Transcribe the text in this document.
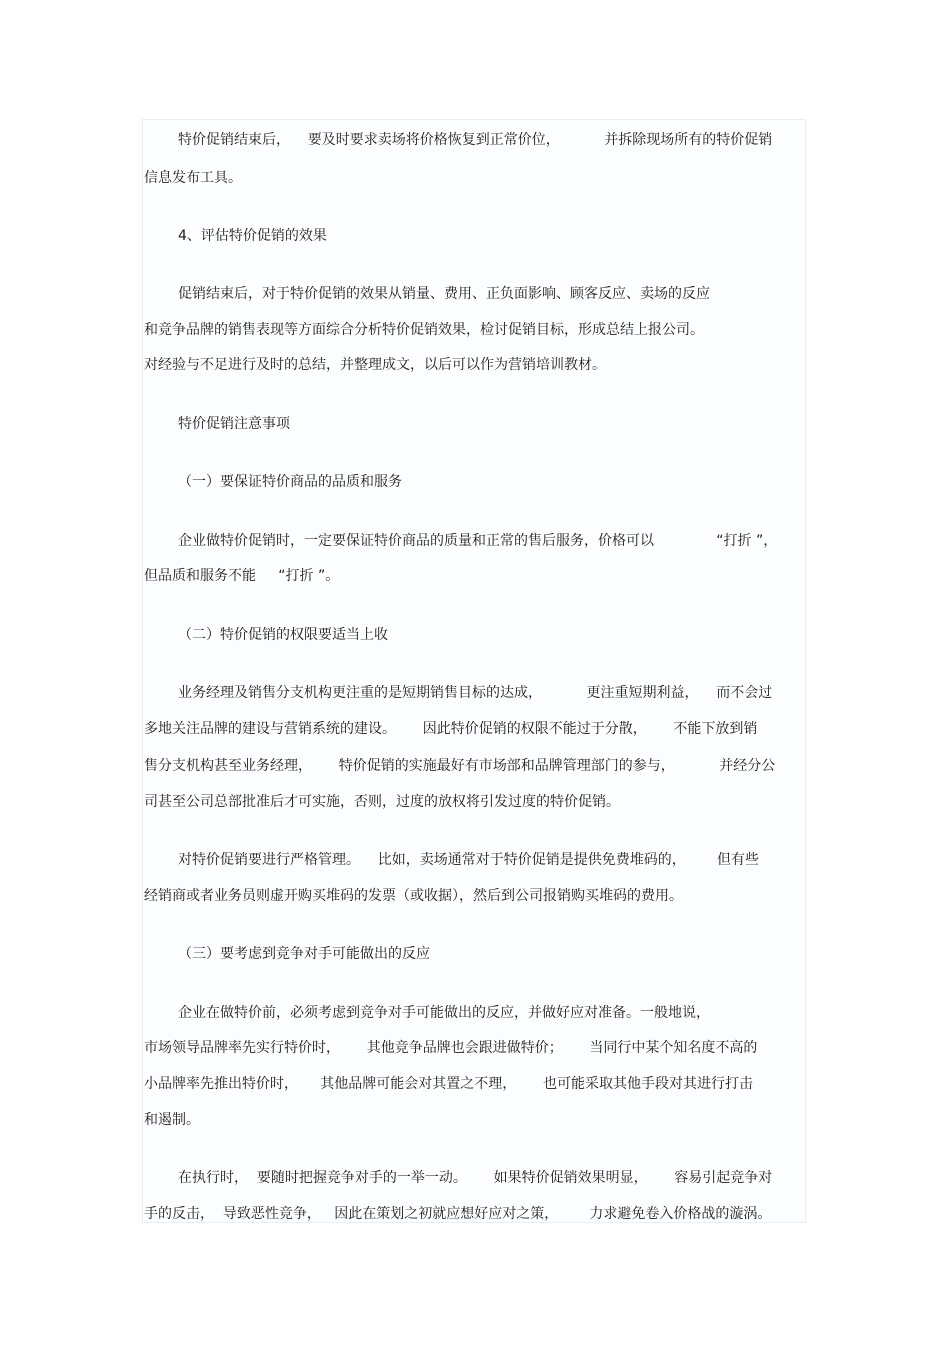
特价促销结束后，    要及时要求卖场将价格恢复到正常价位，          并拆除现场所有的特价促销
信息发布工具。
4、评估特价促销的效果
促销结束后，对于特价促销的效果从销量、费用、正负面影响、顾客反应、卖场的反应
和竞争品牌的销售表现等方面综合分析特价促销效果，检讨促销目标，形成总结上报公司。
对经验与不足进行及时的总结，并整理成文，以后可以作为营销培训教材。
特价促销注意事项
（一）要保证特价商品的品质和服务
企业做特价促销时，一定要保证特价商品的质量和正常的售后服务，价格可以              “打折 ”，
但品质和服务不能     “打折 ”。
（二）特价促销的权限要适当上收
业务经理及销售分支机构更注重的是短期销售目标的达成，          更注重短期利益，    而不会过
多地关注品牌的建设与营销系统的建设。      因此特价促销的权限不能过于分散，      不能下放到销
售分支机构甚至业务经理，      特价促销的实施最好有市场部和品牌管理部门的参与，          并经分公
司甚至公司总部批准后才可实施，否则，过度的放权将引发过度的特价促销。
对特价促销要进行严格管理。    比如，卖场通常对于特价促销是提供免费堆码的，       但有些
经销商或者业务员则虚开购买堆码的发票（或收据），然后到公司报销购买堆码的费用。
（三）要考虑到竞争对手可能做出的反应
企业在做特价前，必须考虑到竞争对手可能做出的反应，并做好应对准备。一般地说，
市场领导品牌率先实行特价时，      其他竞争品牌也会跟进做特价；      当同行中某个知名度不高的
小品牌率先推出特价时，     其他品牌可能会对其置之不理，      也可能采取其他手段对其进行打击
和遏制。
在执行时，  要随时把握竞争对手的一举一动。      如果特价促销效果明显，      容易引起竞争对
手的反击，  导致恶性竞争，   因此在策划之初就应想好应对之策，       力求避免卷入价格战的漩涡。
